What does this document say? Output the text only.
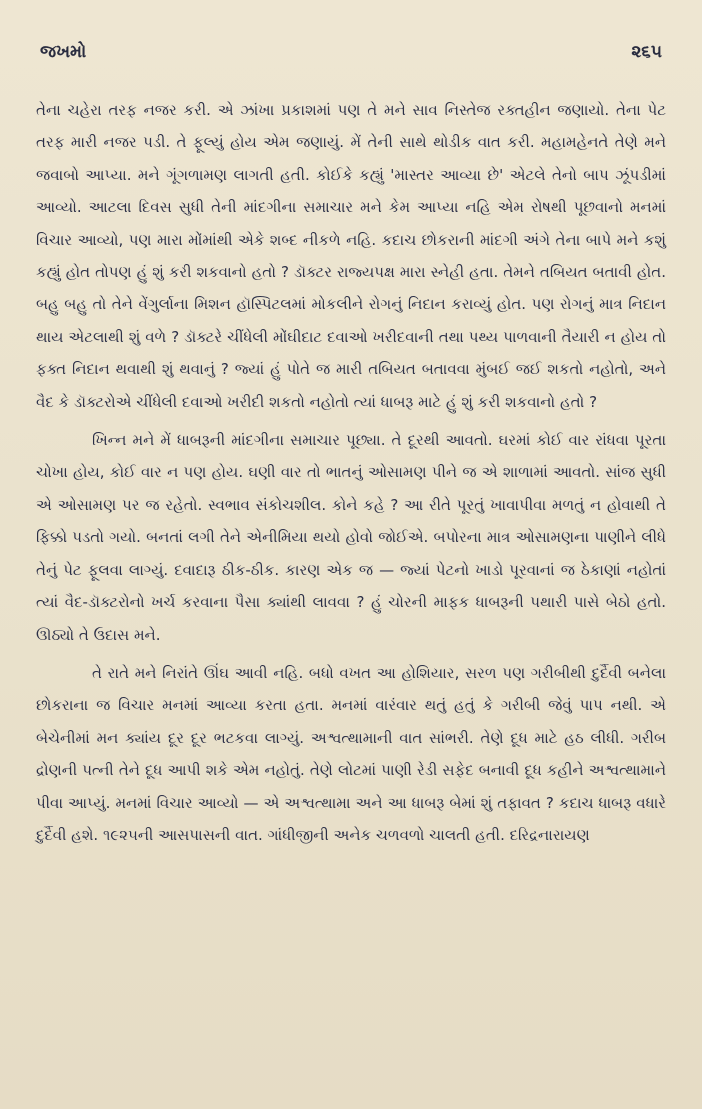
જખમો	૨૬૫

તેના ચહેરા તરફ નજર કરી. એ ઝાંખા પ્રકાશમાં પણ તે મને સાવ નિસ્તેજ રક્તહીન જણાયો. તેના પેટ તરફ મારી નજર પડી. તે ફૂલ્યું હોય એમ જણાયું. મેં તેની સાથે થોડીક વાત કરી. મહામહેનતે તેણે મને જવાબો આપ્યા. મને ગૂંગળામણ લાગતી હતી. કોઈકે કહ્યું 'માસ્તર આવ્યા છે' એટલે તેનો બાપ ઝૂંપડીમાં આવ્યો. આટલા દિવસ સુધી તેની માંદગીના સમાચાર મને કેમ આપ્યા નહિ એમ રોષથી પૂછવાનો મનમાં વિચાર આવ્યો, પણ મારા મોંમાંથી એકે શબ્દ નીકળે નહિ. કદાચ છોકરાની માંદગી અંગે તેના બાપે મને કશું કહ્યું હોત તોપણ હું શું કરી શકવાનો હતો ? ડૉક્ટર રાજ્યપક્ષ મારા સ્નેહી હતા. તેમને તબિયત બતાવી હોત. બહુ બહુ તો તેને વેંગુર્લાના મિશન હૉસ્પિટલમાં મોકલીને રોગનું નિદાન કરાવ્યું હોત. પણ રોગનું માત્ર નિદાન થાય એટલાથી શું વળે ? ડૉક્ટરે ચીંધેલી મોંઘીદાટ દવાઓ ખરીદવાની તથા પથ્ય પાળવાની તૈયારી ન હોય તો ફક્ત નિદાન થવાથી શું થવાનું ? જ્યાં હું પોતે જ મારી તબિયત બતાવવા મુંબઈ જઈ શકતો નહોતો, અને વૈદ કે ડૉક્ટરોએ ચીંધેલી દવાઓ ખરીદી શકતો નહોતો ત્યાં ધાબરૂ માટે હું શું કરી શકવાનો હતો ?

ખિન્ન મને મેં ધાબરૂની માંદગીના સમાચાર પૂછ્યા. તે દૂરથી આવતો. ઘરમાં કોઈ વાર રાંધવા પૂરતા ચોખા હોય, કોઈ વાર ન પણ હોય. ઘણી વાર તો ભાતનું ઓસામણ પીને જ એ શાળામાં આવતો. સાંજ સુધી એ ઓસામણ પર જ રહેતો. સ્વભાવ સંકોચશીલ. કોને કહે ? આ રીતે પૂરતું ખાવાપીવા મળતું ન હોવાથી તે ફિક્કો પડતો ગયો. બનતાં લગી તેને એનીમિયા થયો હોવો જોઈએ. બપોરના માત્ર ઓસામણના પાણીને લીધે તેનું પેટ ફૂલવા લાગ્યું. દવાદારૂ ઠીક-ઠીક. કારણ એક જ — જ્યાં પેટનો ખાડો પૂરવાનાં જ ઠેકાણાં નહોતાં ત્યાં વૈદ-ડૉક્ટરોનો ખર્ચ કરવાના પૈસા ક્યાંથી લાવવા ? હું ચોરની માફક ધાબરૂની પથારી પાસે બેઠો હતો. ઊઠ્યો તે ઉદાસ મને.

તે રાતે મને નિરાંતે ઊંઘ આવી નહિ. બધો વખત આ હોશિયાર, સરળ પણ ગરીબીથી દુર્દૈવી બનેલા છોકરાના જ વિચાર મનમાં આવ્યા કરતા હતા. મનમાં વારંવાર થતું હતું કે ગરીબી જેવું પાપ નથી. એ બેચેનીમાં મન ક્યાંય દૂર દૂર ભટકવા લાગ્યું. અશ્વત્થામાની વાત સાંભરી. તેણે દૂધ માટે હઠ લીધી. ગરીબ દ્રોણની પત્ની તેને દૂધ આપી શકે એમ નહોતું. તેણે લોટમાં પાણી રેડી સફેદ બનાવી દૂધ કહીને અશ્વત્થામાને પીવા આપ્યું. મનમાં વિચાર આવ્યો — એ અશ્વત્થામા અને આ ધાબરૂ બેમાં શું તફાવત ? કદાચ ધાબરૂ વધારે દુર્દૈવી હશે. ૧૯૨૫ની આસપાસની વાત. ગાંધીજીની અનેક ચળવળો ચાલતી હતી. દરિદ્રનારાયણ
